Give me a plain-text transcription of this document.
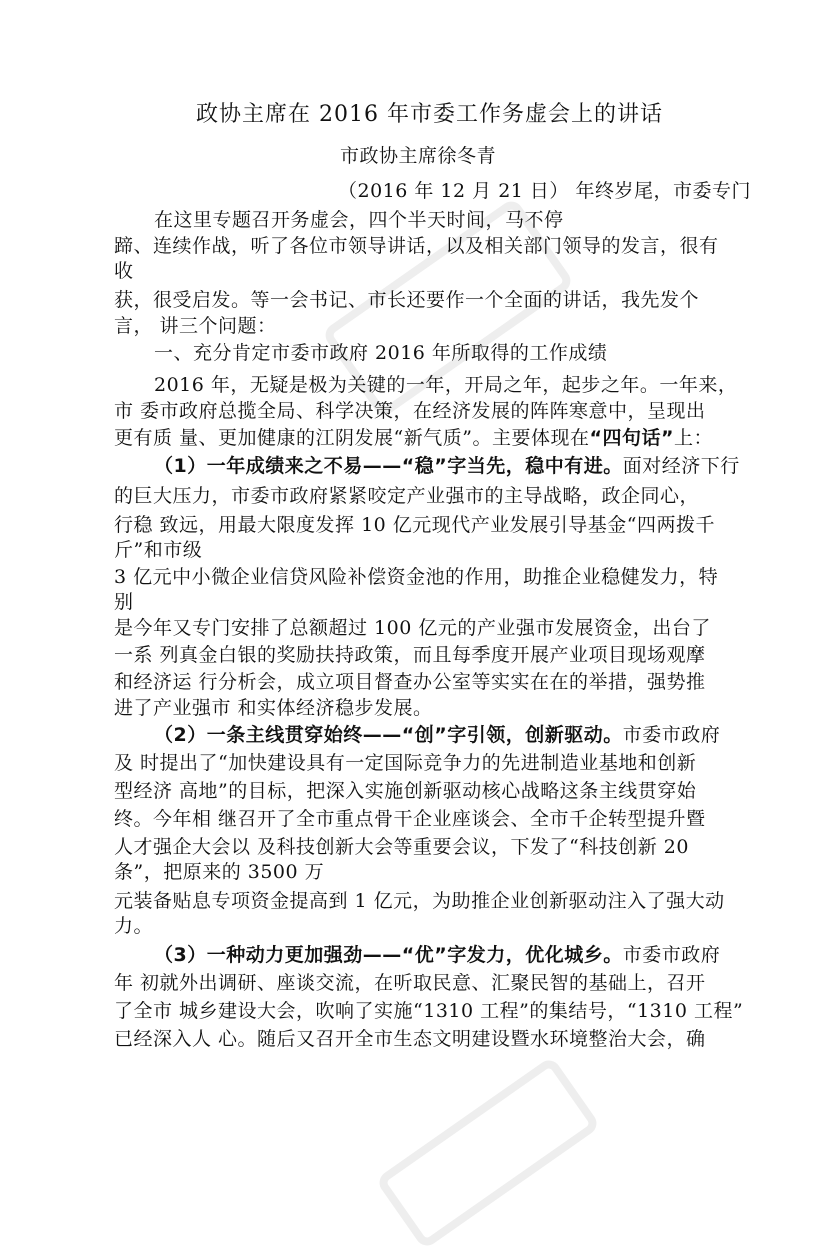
政协主席在 2016 年市委工作务虚会上的讲话
市政协主席徐冬青
（2016 年 12 月 21 日） 年终岁尾，市委专门
在这里专题召开务虚会，四个半天时间，马不停
蹄、连续作战，听了各位市领导讲话，以及相关部门领导的发言，很有
收
获，很受启发。等一会书记、市长还要作一个全面的讲话，我先发个
言， 讲三个问题：
一、充分肯定市委市政府 2016 年所取得的工作成绩
2016 年，无疑是极为关键的一年，开局之年，起步之年。一年来，
市 委市政府总揽全局、科学决策，在经济发展的阵阵寒意中，呈现出
更有质 量、更加健康的江阴发展“新气质”。主要体现在“四句话”上：
（1）一年成绩来之不易——“稳”字当先，稳中有进。面对经济下行
的巨大压力，市委市政府紧紧咬定产业强市的主导战略，政企同心，
行稳 致远，用最大限度发挥 10 亿元现代产业发展引导基金“四两拨千
斤”和市级
3 亿元中小微企业信贷风险补偿资金池的作用，助推企业稳健发力，特
别
是今年又专门安排了总额超过 100 亿元的产业强市发展资金，出台了
一系 列真金白银的奖励扶持政策，而且每季度开展产业项目现场观摩
和经济运 行分析会，成立项目督查办公室等实实在在的举措，强势推
进了产业强市 和实体经济稳步发展。
（2）一条主线贯穿始终——“创”字引领，创新驱动。市委市政府
及 时提出了“加快建设具有一定国际竞争力的先进制造业基地和创新
型经济 高地”的目标，把深入实施创新驱动核心战略这条主线贯穿始
终。今年相 继召开了全市重点骨干企业座谈会、全市千企转型提升暨
人才强企大会以 及科技创新大会等重要会议，下发了“科技创新 20
条”，把原来的 3500 万
元装备贴息专项资金提高到 1 亿元，为助推企业创新驱动注入了强大动
力。
（3）一种动力更加强劲——“优”字发力，优化城乡。市委市政府
年 初就外出调研、座谈交流，在听取民意、汇聚民智的基础上，召开
了全市 城乡建设大会，吹响了实施“1310 工程”的集结号，“1310 工程”
已经深入人 心。随后又召开全市生态文明建设暨水环境整治大会，确
